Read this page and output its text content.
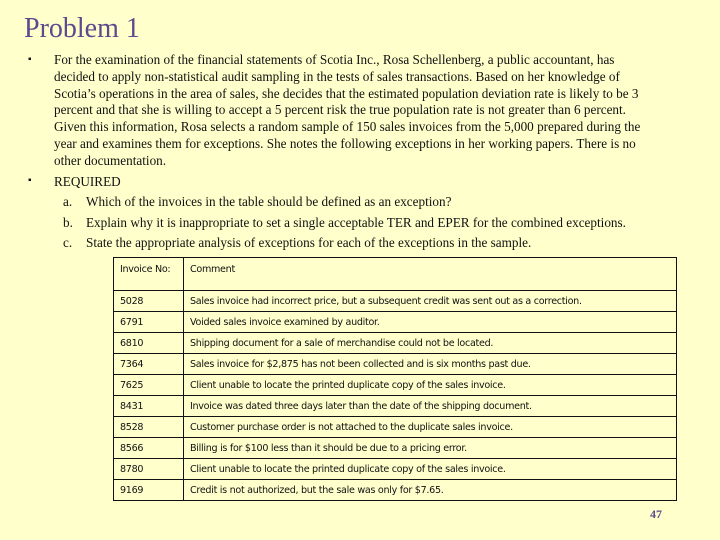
Problem 1
▪ For the examination of the financial statements of Scotia Inc., Rosa Schellenberg, a public accountant, has
decided to apply non-statistical audit sampling in the tests of sales transactions. Based on her knowledge of
Scotia’s operations in the area of sales, she decides that the estimated population deviation rate is likely to be 3
percent and that she is willing to accept a 5 percent risk the true population rate is not greater than 6 percent.
Given this information, Rosa selects a random sample of 150 sales invoices from the 5,000 prepared during the
year and examines them for exceptions. She notes the following exceptions in her working papers. There is no
other documentation.
▪ REQUIRED
a. Which of the invoices in the table should be defined as an exception?
b. Explain why it is inappropriate to set a single acceptable TER and EPER for the combined exceptions.
c. State the appropriate analysis of exceptions for each of the exceptions in the sample.
Invoice No:	Comment
5028	Sales invoice had incorrect price, but a subsequent credit was sent out as a correction.
6791	Voided sales invoice examined by auditor.
6810	Shipping document for a sale of merchandise could not be located.
7364	Sales invoice for $2,875 has not been collected and is six months past due.
7625	Client unable to locate the printed duplicate copy of the sales invoice.
8431	Invoice was dated three days later than the date of the shipping document.
8528	Customer purchase order is not attached to the duplicate sales invoice.
8566	Billing is for $100 less than it should be due to a pricing error.
8780	Client unable to locate the printed duplicate copy of the sales invoice.
9169	Credit is not authorized, but the sale was only for $7.65.
47
